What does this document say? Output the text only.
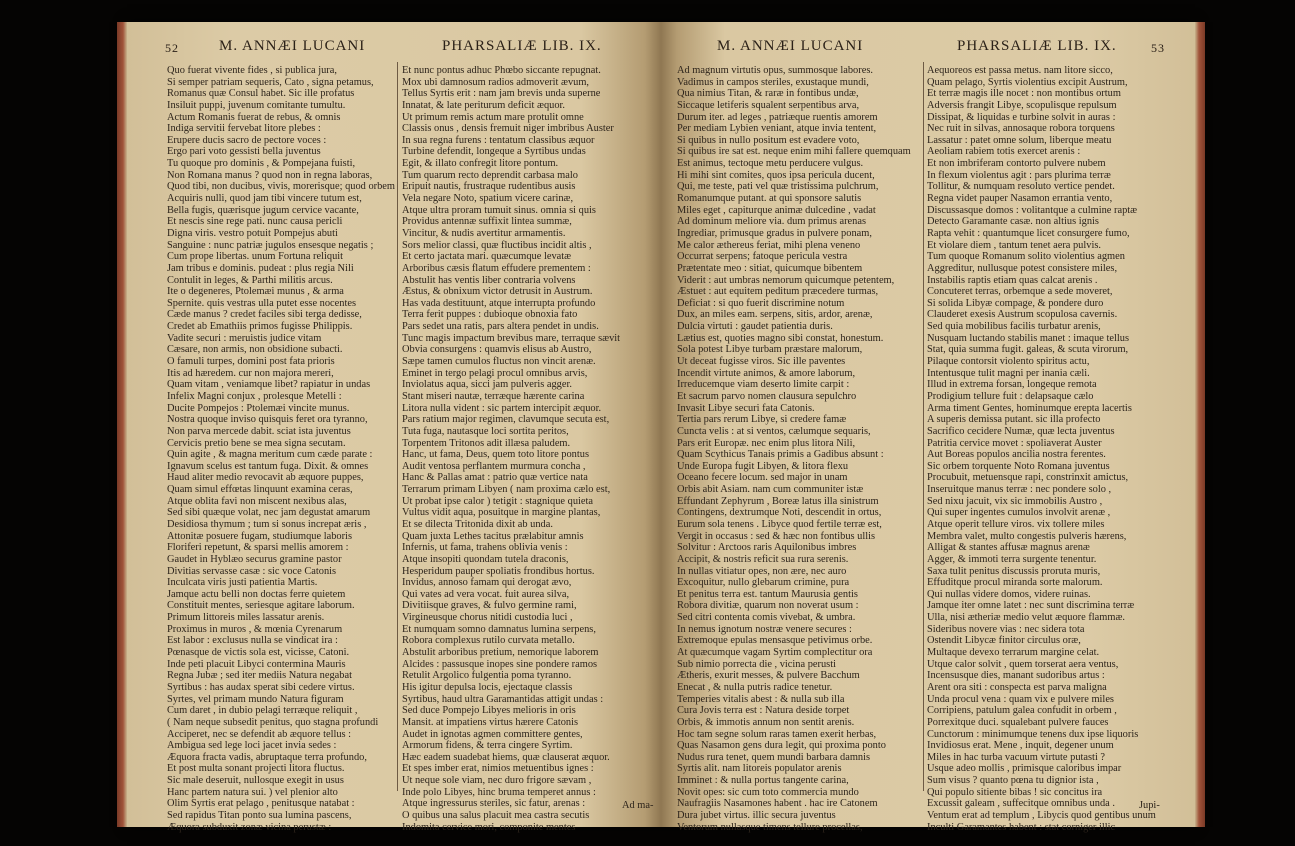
52	M. ANNÆI LUCANI	PHARSALIÆ LIB. IX.
Quo fuerat vivente fides , si publica jura,
Si semper patriam sequeris, Cato , signa petamus,
Romanus quæ Consul habet. Sic ille profatus
Insiluit puppi, juvenum comitante tumultu.
Actum Romanis fuerat de rebus, & omnis
Indiga servitii fervebat litore plebes :
Erupere ducis sacro de pectore voces :
Ergo pari voto gessisti bella juventus
Tu quoque pro dominis , & Pompejana fuisti,
Non Romana manus ? quod non in regna laboras,
Quod tibi, non ducibus, vivis, morerisque; quod orbem
Acquiris nulli, quod jam tibi vincere tutum est,
Bella fugis, quærisque jugum cervice vacante,
Et nescis sine rege pati. nunc causa pericli
Digna viris. vestro potuit Pompejus abuti
Sanguine : nunc patriæ jugulos ensesque negatis ;
Cum prope libertas. unum Fortuna reliquit
Jam tribus e dominis. pudeat : plus regia Nili
Contulit in leges, & Parthi militis arcus.
Ite o degeneres, Ptolemæi munus , & arma
Spernite. quis vestras ulla putet esse nocentes
Cæde manus ? credet faciles sibi terga dedisse,
Credet ab Emathiis primos fugisse Philippis.
Vadite securi : meruistis judice vitam
Cæsare, non armis, non obsidione subacti.
O famuli turpes, domini post fata prioris
Itis ad hæredem. cur non majora mereri,
Quam vitam , veniamque libet? rapiatur in undas
Infelix Magni conjux , prolesque Metelli :
Ducite Pompejos : Ptolemæi vincite munus.
Nostra quoque inviso quisquis feret ora tyranno,
Non parva mercede dabit. sciat ista juventus
Cervicis pretio bene se mea signa secutam.
Quin agite , & magna meritum cum cæde parate :
Ignavum scelus est tantum fuga. Dixit. & omnes
Haud aliter medio revocavit ab æquore puppes,
Quam simul effœtas linquunt examina ceras,
Atque oblita favi non miscent nexibus alas,
Sed sibi quæque volat, nec jam degustat amarum
Desidiosa thymum ; tum si sonus increpat æris ,
Attonitæ posuere fugam, studiumque laboris
Floriferi repetunt, & sparsi mellis amorem :
Gaudet in Hyblæo securus gramine pastor
Divitias servasse casæ : sic voce Catonis
Inculcata viris justi patientia Martis.
Jamque actu belli non doctas ferre quietem
Constituit mentes, seriesque agitare laborum.
Primum littoreis miles lassatur arenis.
Proximus in muros , & mœnia Cyrenarum
Est labor : exclusus nulla se vindicat ira :
Pœnasque de victis sola est, vicisse, Catoni.
Inde peti placuit Libyci contermina Mauris
Regna Jubæ ; sed iter mediis Natura negabat
Syrtibus : has audax sperat sibi cedere virtus.
Syrtes, vel primam mundo Natura figuram
Cum daret , in dubio pelagi terræque reliquit ,
( Nam neque subsedit penitus, quo stagna profundi
Acciperet, nec se defendit ab æquore tellus :
Ambigua sed lege loci jacet invia sedes :
Æquora fracta vadis, abruptaque terra profundo,
Et post multa sonant projecti litora fluctus.
Sic male deseruit, nullosque exegit in usus
Hanc partem natura sui. ) vel plenior alto
Olim Syrtis erat pelago , penitusque natabat :
Sed rapidus Titan ponto sua lumina pascens,
Æquora subduxit zonæ vicina perustæ :
Et nunc pontus adhuc Phœbo siccante repugnat.
Mox ubi damnosum radios admoverit ævum,
Tellus Syrtis erit : nam jam brevis unda superne
Innatat, & late periturum deficit æquor.
Ut primum remis actum mare protulit omne
Classis onus , densis fremuit niger imbribus Auster
In sua regna furens : tentatum classibus æquor
Turbine defendit, longeque a Syrtibus undas
Egit, & illato confregit litore pontum.
Tum quarum recto deprendit carbasa malo
Eripuit nautis, frustraque rudentibus ausis
Vela negare Noto, spatium vicere carinæ,
Atque ultra proram tumuit sinus. omnia si quis
Providus antennæ suffixit lintea summæ,
Vincitur, & nudis avertitur armamentis.
Sors melior classi, quæ fluctibus incidit altis ,
Et certo jactata mari. quæcumque levatæ
Arboribus cæsis flatum effudere prementem :
Abstulit has ventis liber contraria volvens
Æstus, & obnixum victor detrusit in Austrum.
Has vada destituunt, atque interrupta profundo
Terra ferit puppes : dubioque obnoxia fato
Pars sedet una ratis, pars altera pendet in undis.
Tunc magis impactum brevibus mare, terraque sævit
Obvia consurgens : quamvis elisus ab Austro,
Sæpe tamen cumulos fluctus non vincit arenæ.
Eminet in tergo pelagi procul omnibus arvis,
Inviolatus aqua, sicci jam pulveris agger.
Stant miseri nautæ, terræque hærente carina
Litora nulla vident : sic partem intercipit æquor.
Pars ratium major regimen, clavumque secuta est,
Tuta fuga, nautasque loci sortita peritos,
Torpentem Tritonos adit illæsa paludem.
Hanc, ut fama, Deus, quem toto litore pontus
Audit ventosa perflantem murmura concha ,
Hanc & Pallas amat : patrio quæ vertice nata
Terrarum primam Libyen ( nam proxima cælo est,
Ut probat ipse calor ) tetigit : stagnique quieta
Vultus vidit aqua, posuitque in margine plantas,
Et se dilecta Tritonida dixit ab unda.
Quam juxta Lethes tacitus prælabitur amnis
Infernis, ut fama, trahens oblivia venis :
Atque insopiti quondam tutela draconis,
Hesperidum pauper spoliatis frondibus hortus.
Invidus, annoso famam qui derogat ævo,
Qui vates ad vera vocat. fuit aurea silva,
Divitiisque graves, & fulvo germine rami,
Virgineusque chorus nitidi custodia luci ,
Et numquam somno damnatus lumina serpens,
Robora complexus rutilo curvata metallo.
Abstulit arboribus pretium, nemorique laborem
Alcides : passusque inopes sine pondere ramos
Retulit Argolico fulgentia poma tyranno.
His igitur depulsa locis, ejectaque classis
Syrtibus, haud ultra Garamantidas attigit undas :
Sed duce Pompejo Libyes melioris in oris
Mansit. at impatiens virtus hærere Catonis
Audet in ignotas agmen committere gentes,
Armorum fidens, & terra cingere Syrtim.
Hæc eadem suadebat hiems, quæ clauserat æquor.
Et spes imber erat, nimios metuentibus ignes :
Ut neque sole viam, nec duro frigore sævam ,
Inde polo Libyes, hinc bruma temperet annus :
Atque ingressurus steriles, sic fatur, arenas :
O quibus una salus placuit mea castra secutis
Indomita cervice mori, componite mentes
Ad ma-
M. ANNÆI LUCANI	PHARSALIÆ LIB. IX.	53
Ad magnum virtutis opus, summosque labores.
Vadimus in campos steriles, exustaque mundi,
Qua nimius Titan, & raræ in fontibus undæ,
Siccaque letiferis squalent serpentibus arva,
Durum iter. ad leges , patriæque ruentis amorem
Per mediam Lybien veniant, atque invia tentent,
Si quibus in nullo positum est evadere voto,
Si quibus ire sat est. neque enim mihi fallere quemquam
Est animus, tectoque metu perducere vulgus.
Hi mihi sint comites, quos ipsa pericula ducent,
Qui, me teste, pati vel quæ tristissima pulchrum,
Romanumque putant. at qui sponsore salutis
Miles eget , capiturque animæ dulcedine , vadat
Ad dominum meliore via. dum primus arenas
Ingrediar, primusque gradus in pulvere ponam,
Me calor æthereus feriat, mihi plena veneno
Occurrat serpens; fatoque pericula vestra
Prætentate meo : sitiat, quicumque bibentem
Viderit : aut umbras nemorum quicumque petentem,
Æstuet : aut equitem peditum præcedere turmas,
Deficiat : si quo fuerit discrimine notum
Dux, an miles eam. serpens, sitis, ardor, arenæ,
Dulcia virtuti : gaudet patientia duris.
Lætius est, quoties magno sibi constat, honestum.
Sola potest Libye turbam præstare malorum,
Ut deceat fugisse viros. Sic ille paventes
Incendit virtute animos, & amore laborum,
Irreducemque viam deserto limite carpit :
Et sacrum parvo nomen clausura sepulchro
Invasit Libye securi fata Catonis.
Tertia pars rerum Libye, si credere famæ
Cuncta velis : at si ventos, cælumque sequaris,
Pars erit Europæ. nec enim plus litora Nili,
Quam Scythicus Tanais primis a Gadibus absunt :
Unde Europa fugit Libyen, & litora flexu
Oceano fecere locum. sed major in unam
Orbis abit Asiam. nam cum communiter istæ
Effundant Zephyrum , Boreæ latus illa sinistrum
Contingens, dextrumque Noti, descendit in ortus,
Eurum sola tenens . Libyce quod fertile terræ est,
Vergit in occasus : sed & hæc non fontibus ullis
Solvitur : Arctoos raris Aquilonibus imbres
Accipit, & nostris reficit sua rura serenis.
In nullas vitiatur opes, non ære, nec auro
Excoquitur, nullo glebarum crimine, pura
Et penitus terra est. tantum Maurusia gentis
Robora divitiæ, quarum non noverat usum :
Sed citri contenta comis vivebat, & umbra.
In nemus ignotum nostræ venere secures :
Extremoque epulas mensasque petivimus orbe.
At quæcumque vagam Syrtim complectitur ora
Sub nimio porrecta die , vicina perusti
Ætheris, exurit messes, & pulvere Bacchum
Enecat , & nulla putris radice tenetur.
Temperies vitalis abest : & nulla sub illa
Cura Jovis terra est : Natura deside torpet
Orbis, & immotis annum non sentit arenis.
Hoc tam segne solum raras tamen exerit herbas,
Quas Nasamon gens dura legit, qui proxima ponto
Nudus rura tenet, quem mundi barbara damnis
Syrtis alit. nam litoreis populator arenis
Imminet : & nulla portus tangente carina,
Novit opes: sic cum toto commercia mundo
Naufragiis Nasamones habent . hac ire Catonem
Dura jubet virtus. illic secura juventus
Ventorum nullasque timens tellure procellas,
Aequoreos est passa metus. nam litore sicco,
Quam pelago, Syrtis violentius excipit Austrum,
Et terræ magis ille nocet : non montibus ortum
Adversis frangit Libye, scopulisque repulsum
Dissipat, & liquidas e turbine solvit in auras :
Nec ruit in silvas, annosaque robora torquens
Lassatur : patet omne solum, liberque meatu
Aeoliam rabiem totis exercet arenis :
Et non imbriferam contorto pulvere nubem
In flexum violentus agit : pars plurima terræ
Tollitur, & numquam resoluto vertice pendet.
Regna videt pauper Nasamon errantia vento,
Discussasque domos : volitantque a culmine raptæ
Detecto Garamante casæ. non altius ignis
Rapta vehit : quantumque licet consurgere fumo,
Et violare diem , tantum tenet aera pulvis.
Tum quoque Romanum solito violentius agmen
Aggreditur, nullusque potest consistere miles,
Instabilis raptis etiam quas calcat arenis .
Concuteret terras, orbemque a sede moveret,
Si solida Libyæ compage, & pondere duro
Clauderet exesis Austrum scopulosa cavernis.
Sed quia mobilibus facilis turbatur arenis,
Nusquam luctando stabilis manet : imaque tellus
Stat, quia summa fugit. galeas, & scuta virorum,
Pilaque contorsit violento spiritus actu,
Intentusque tulit magni per inania cæli.
Illud in extrema forsan, longeque remota
Prodigium tellure fuit : delapsaque cælo
Arma timent Gentes, hominumque erepta lacertis
A superis demissa putant. sic illa profecto
Sacrifico cecidere Numæ, quæ lecta juventus
Patritia cervice movet : spoliaverat Auster
Aut Boreas populos ancilia nostra ferentes.
Sic orbem torquente Noto Romana juventus
Procubuit, metuensque rapi, constrinxit amictus,
Inseruitque manus terræ : nec pondere solo ,
Sed nixu jacuit, vix sic immobilis Austro ,
Qui super ingentes cumulos involvit arenæ ,
Atque operit tellure viros. vix tollere miles
Membra valet, multo congestis pulveris hærens,
Alligat & stantes affusæ magnus arenæ
Agger, & immoti terra surgente tenentur.
Saxa tulit penitus discussis proruta muris,
Effuditque procul miranda sorte malorum.
Qui nullas videre domos, videre ruinas.
Jamque iter omne latet : nec sunt discrimina terræ
Ulla, nisi ætheriæ medio velut æquore flammæ.
Sideribus novere vias : nec sidera tota
Ostendit Libycæ finitor circulus oræ,
Multaque devexo terrarum margine celat.
Utque calor solvit , quem torserat aera ventus,
Incensusque dies, manant sudoribus artus :
Arent ora siti : conspecta est parva maligna
Unda procul vena : quam vix e pulvere miles
Corripiens, patulum galea confudit in orbem ,
Porrexitque duci. squalebant pulvere fauces
Cunctorum : minimumque tenens dux ipse liquoris
Invidiosus erat. Mene , inquit, degener unum
Miles in hac turba vacuum virtute putasti ?
Usque adeo mollis , primisque caloribus impar
Sum visus ? quanto pœna tu dignior ista ,
Qui populo sitiente bibas ! sic concitus ira
Excussit galeam , suffecitque omnibus unda .
Ventum erat ad templum , Libycis quod gentibus unum
Inculti Garamantes habent : stat corniger illic
Jupi-
